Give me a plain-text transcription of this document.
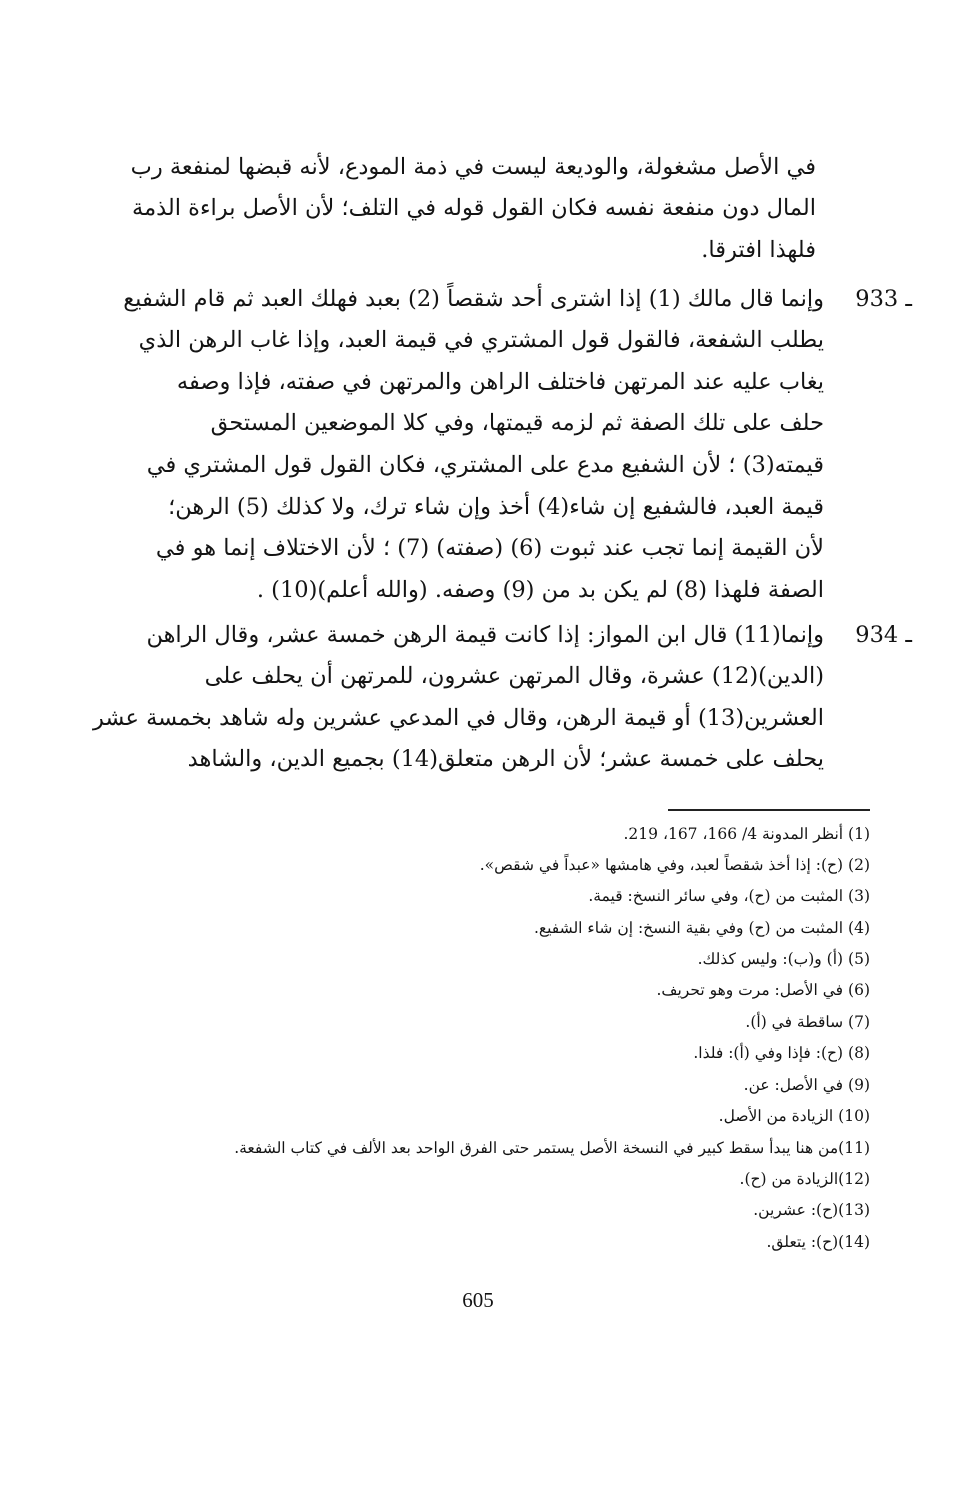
في الأصل مشغولة، والوديعة ليست في ذمة المودع، لأنه قبضها لمنفعة رب
المال دون منفعة نفسه فكان القول قوله في التلف؛ لأن الأصل براءة الذمة
فلهذا افترقا.
933 ـ
وإنما قال مالك (1) إذا اشترى أحد شقصاً (2) بعبد فهلك العبد ثم قام الشفيع
يطلب الشفعة، فالقول قول المشتري في قيمة العبد، وإذا غاب الرهن الذي
يغاب عليه عند المرتهن فاختلف الراهن والمرتهن في صفته، فإذا وصفه
حلف على تلك الصفة ثم لزمه قيمتها، وفي كلا الموضعين المستحق
قيمته(3) ؛ لأن الشفيع مدع على المشتري، فكان القول قول المشتري في
قيمة العبد، فالشفيع إن شاء(4) أخذ وإن شاء ترك، ولا كذلك (5) الرهن؛
لأن القيمة إنما تجب عند ثبوت (6) (صفته) (7) ؛ لأن الاختلاف إنما هو في
الصفة فلهذا (8) لم يكن بد من (9) وصفه. (والله أعلم)(10) .
934 ـ
وإنما(11) قال ابن المواز: إذا كانت قيمة الرهن خمسة عشر، وقال الراهن
(الدين)(12) عشرة، وقال المرتهن عشرون، للمرتهن أن يحلف على
العشرين(13) أو قيمة الرهن، وقال في المدعي عشرين وله شاهد بخمسة عشر
يحلف على خمسة عشر؛ لأن الرهن متعلق(14) بجميع الدين، والشاهد
(1) أنظر المدونة 4/ 166، 167، 219.
(2) (ح): إذا أخذ شقصاً لعبد، وفي هامشها «عبداً في شقص».
(3) المثبت من (ح)، وفي سائر النسخ: قيمة.
(4) المثبت من (ح) وفي بقية النسخ: إن شاء الشفيع.
(5) (أ) و(ب): وليس كذلك.
(6) في الأصل: مرت وهو تحريف.
(7) ساقطة في (أ).
(8) (ح): فإذا وفي (أ): فلذا.
(9) في الأصل: عن.
(10) الزيادة من الأصل.
(11)من هنا يبدأ سقط كبير في النسخة الأصل يستمر حتى الفرق الواحد بعد الألف في كتاب الشفعة.
(12)الزيادة من (ح).
(13)(ح): عشرين.
(14)(ح): يتعلق.
605
